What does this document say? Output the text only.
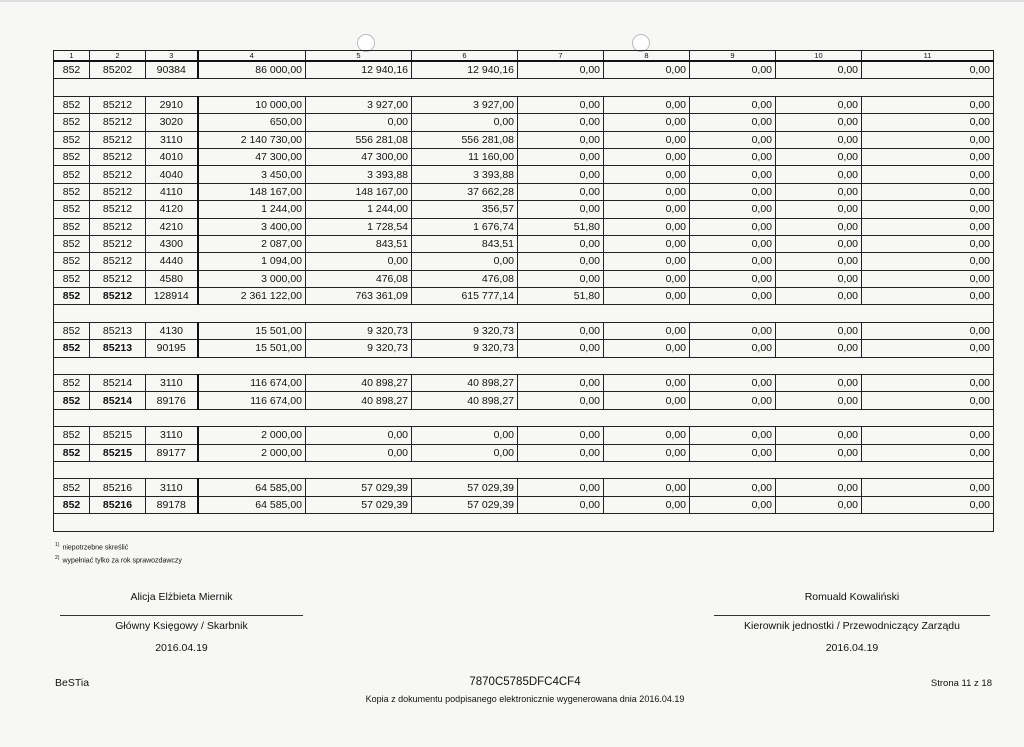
1	2	3	4	5	6	7	8	9	10	11
852	85202	90384	86 000,00	12 940,16	12 940,16	0,00	0,00	0,00	0,00	0,00

852	85212	2910	10 000,00	3 927,00	3 927,00	0,00	0,00	0,00	0,00	0,00
852	85212	3020	650,00	0,00	0,00	0,00	0,00	0,00	0,00	0,00
852	85212	3110	2 140 730,00	556 281,08	556 281,08	0,00	0,00	0,00	0,00	0,00
852	85212	4010	47 300,00	47 300,00	11 160,00	0,00	0,00	0,00	0,00	0,00
852	85212	4040	3 450,00	3 393,88	3 393,88	0,00	0,00	0,00	0,00	0,00
852	85212	4110	148 167,00	148 167,00	37 662,28	0,00	0,00	0,00	0,00	0,00
852	85212	4120	1 244,00	1 244,00	356,57	0,00	0,00	0,00	0,00	0,00
852	85212	4210	3 400,00	1 728,54	1 676,74	51,80	0,00	0,00	0,00	0,00
852	85212	4300	2 087,00	843,51	843,51	0,00	0,00	0,00	0,00	0,00
852	85212	4440	1 094,00	0,00	0,00	0,00	0,00	0,00	0,00	0,00
852	85212	4580	3 000,00	476,08	476,08	0,00	0,00	0,00	0,00	0,00
852	85212	128914	2 361 122,00	763 361,09	615 777,14	51,80	0,00	0,00	0,00	0,00

852	85213	4130	15 501,00	9 320,73	9 320,73	0,00	0,00	0,00	0,00	0,00
852	85213	90195	15 501,00	9 320,73	9 320,73	0,00	0,00	0,00	0,00	0,00

852	85214	3110	116 674,00	40 898,27	40 898,27	0,00	0,00	0,00	0,00	0,00
852	85214	89176	116 674,00	40 898,27	40 898,27	0,00	0,00	0,00	0,00	0,00

852	85215	3110	2 000,00	0,00	0,00	0,00	0,00	0,00	0,00	0,00
852	85215	89177	2 000,00	0,00	0,00	0,00	0,00	0,00	0,00	0,00

852	85216	3110	64 585,00	57 029,39	57 029,39	0,00	0,00	0,00	0,00	0,00
852	85216	89178	64 585,00	57 029,39	57 029,39	0,00	0,00	0,00	0,00	0,00

$^{1)}$ niepotrzebne skreślić
$^{2)}$ wypełniać tylko za rok sprawozdawczy
Alicja Elżbieta Miernik
Główny Księgowy / Skarbnik
2016.04.19
Romuald Kowaliński
Kierownik jednostki / Przewodniczący Zarządu
2016.04.19
BeSTia	7870C5785DFC4CF4
Kopia z dokumentu podpisanego elektronicznie wygenerowana dnia 2016.04.19
Strona 11 z 18
